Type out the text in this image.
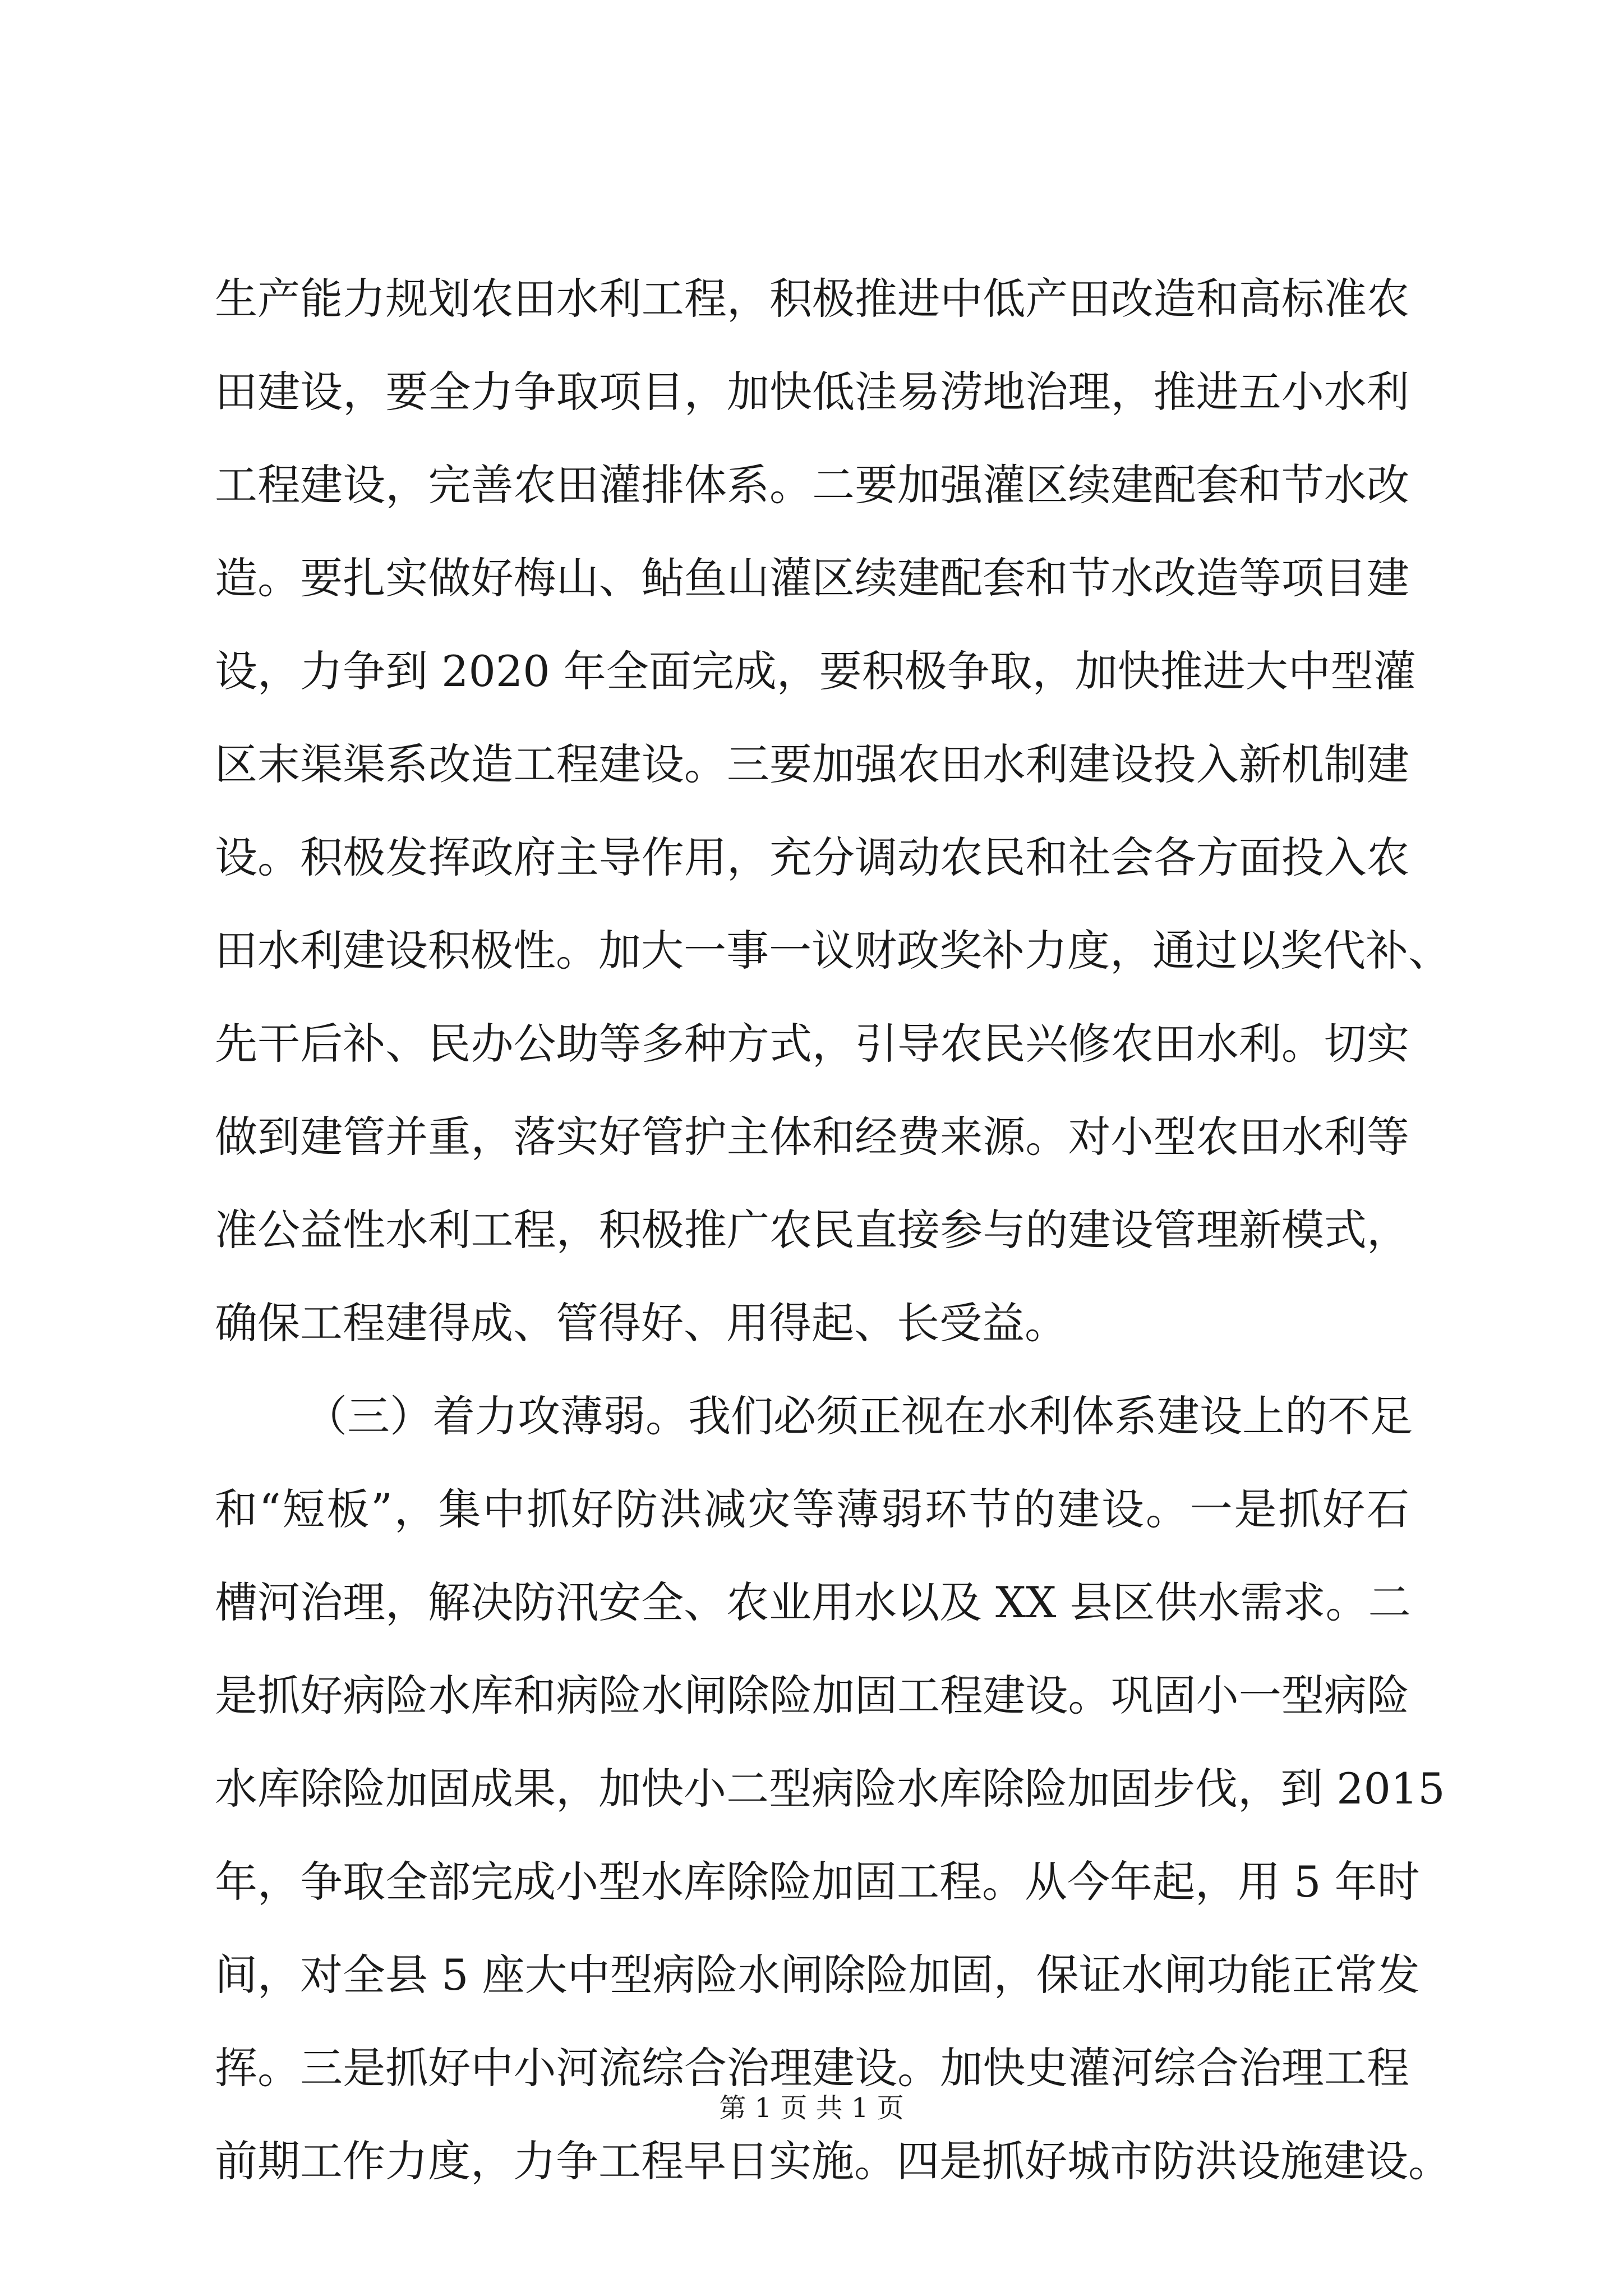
生产能力规划农田水利工程，积极推进中低产田改造和高标准农
田建设，要全力争取项目，加快低洼易涝地治理，推进五小水利
工程建设，完善农田灌排体系。二要加强灌区续建配套和节水改
造。要扎实做好梅山、鲇鱼山灌区续建配套和节水改造等项目建
设，力争到 2020 年全面完成，要积极争取，加快推进大中型灌
区末渠渠系改造工程建设。三要加强农田水利建设投入新机制建
设。积极发挥政府主导作用，充分调动农民和社会各方面投入农
田水利建设积极性。加大一事一议财政奖补力度，通过以奖代补、
先干后补、民办公助等多种方式，引导农民兴修农田水利。切实
做到建管并重，落实好管护主体和经费来源。对小型农田水利等
准公益性水利工程，积极推广农民直接参与的建设管理新模式，
确保工程建得成、管得好、用得起、长受益。
（三）着力攻薄弱。我们必须正视在水利体系建设上的不足
和“短板”，集中抓好防洪减灾等薄弱环节的建设。一是抓好石
槽河治理，解决防汛安全、农业用水以及 XX 县区供水需求。二
是抓好病险水库和病险水闸除险加固工程建设。巩固小一型病险
水库除险加固成果，加快小二型病险水库除险加固步伐，到 2015
年，争取全部完成小型水库除险加固工程。从今年起，用 5 年时
间，对全县 5 座大中型病险水闸除险加固，保证水闸功能正常发
挥。三是抓好中小河流综合治理建设。加快史灌河综合治理工程
前期工作力度，力争工程早日实施。四是抓好城市防洪设施建设。
第 1 页 共 1 页
